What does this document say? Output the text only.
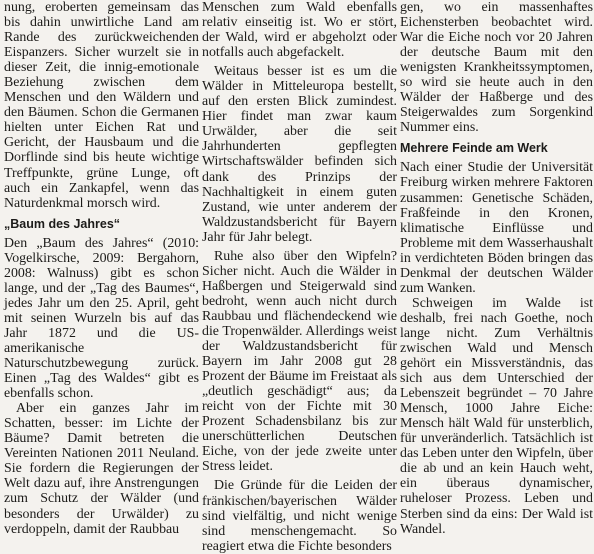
nung, eroberten gemeinsam das bis dahin unwirtliche Land am Rande des zurückweichenden Eispanzers. Sicher wurzelt sie in dieser Zeit, die innig-emotionale Beziehung zwischen dem Menschen und den Wäldern und den Bäumen. Schon die Germanen hielten unter Eichen Rat und Gericht, der Hausbaum und die Dorflinde sind bis heute wichtige Treffpunkte, grüne Lunge, oft auch ein Zankapfel, wenn das Naturdenkmal morsch wird.

„Baum des Jahres“

Den „Baum des Jahres“ (2010: Vogelkirsche, 2009: Bergahorn, 2008: Walnuss) gibt es schon lange, und der „Tag des Baumes“, jedes Jahr um den 25. April, geht mit seinen Wurzeln bis auf das Jahr 1872 und die US-amerikanische Naturschutzbewegung zurück. Einen „Tag des Waldes“ gibt es ebenfalls schon.

Aber ein ganzes Jahr im Schatten, besser: im Lichte der Bäume? Damit betreten die Vereinten Nationen 2011 Neuland. Sie fordern die Regierungen der Welt dazu auf, ihre Anstrengungen zum Schutz der Wälder (und besonders der Urwälder) zu verdoppeln, damit der Raubbau

Menschen zum Wald ebenfalls relativ einseitig ist. Wo er stört, der Wald, wird er abgeholzt oder notfalls auch abgefackelt.

Weitaus besser ist es um die Wälder in Mitteleuropa bestellt, auf den ersten Blick zumindest. Hier findet man zwar kaum Urwälder, aber die seit Jahrhunderten gepflegten Wirtschaftswälder befinden sich dank des Prinzips der Nachhaltigkeit in einem guten Zustand, wie unter anderem der Waldzustandsbericht für Bayern Jahr für Jahr belegt.

Ruhe also über den Wipfeln? Sicher nicht. Auch die Wälder in Haßbergen und Steigerwald sind bedroht, wenn auch nicht durch Raubbau und flächendeckend wie die Tropenwälder. Allerdings weist der Waldzustandsbericht für Bayern im Jahr 2008 gut 28 Prozent der Bäume im Freistaat als „deutlich geschädigt“ aus; da reicht von der Fichte mit 30 Prozent Schadensbilanz bis zur unerschütterlichen Deutschen Eiche, von der jede zweite unter Stress leidet.

Die Gründe für die Leiden der fränkischen/bayerischen Wälder sind vielfältig, und nicht wenige sind menschengemacht. So reagiert etwa die Fichte besonders

gen, wo ein massenhaftes Eichensterben beobachtet wird. War die Eiche noch vor 20 Jahren der deutsche Baum mit den wenigsten Krankheitssymptomen, so wird sie heute auch in den Wälder der Haßberge und des Steigerwaldes zum Sorgenkind Nummer eins.

Mehrere Feinde am Werk

Nach einer Studie der Universität Freiburg wirken mehrere Faktoren zusammen: Genetische Schäden, Fraßfeinde in den Kronen, klimatische Einflüsse und Probleme mit dem Wasserhaushalt in verdichteten Böden bringen das Denkmal der deutschen Wälder zum Wanken.

Schweigen im Walde ist deshalb, frei nach Goethe, noch lange nicht. Zum Verhältnis zwischen Wald und Mensch gehört ein Missverständnis, das sich aus dem Unterschied der Lebenszeit begründet – 70 Jahre Mensch, 1000 Jahre Eiche: Mensch hält Wald für unsterblich, für unveränderlich. Tatsächlich ist das Leben unter den Wipfeln, über die ab und an kein Hauch weht, ein überaus dynamischer, ruheloser Prozess. Leben und Sterben sind da eins: Der Wald ist Wandel.
